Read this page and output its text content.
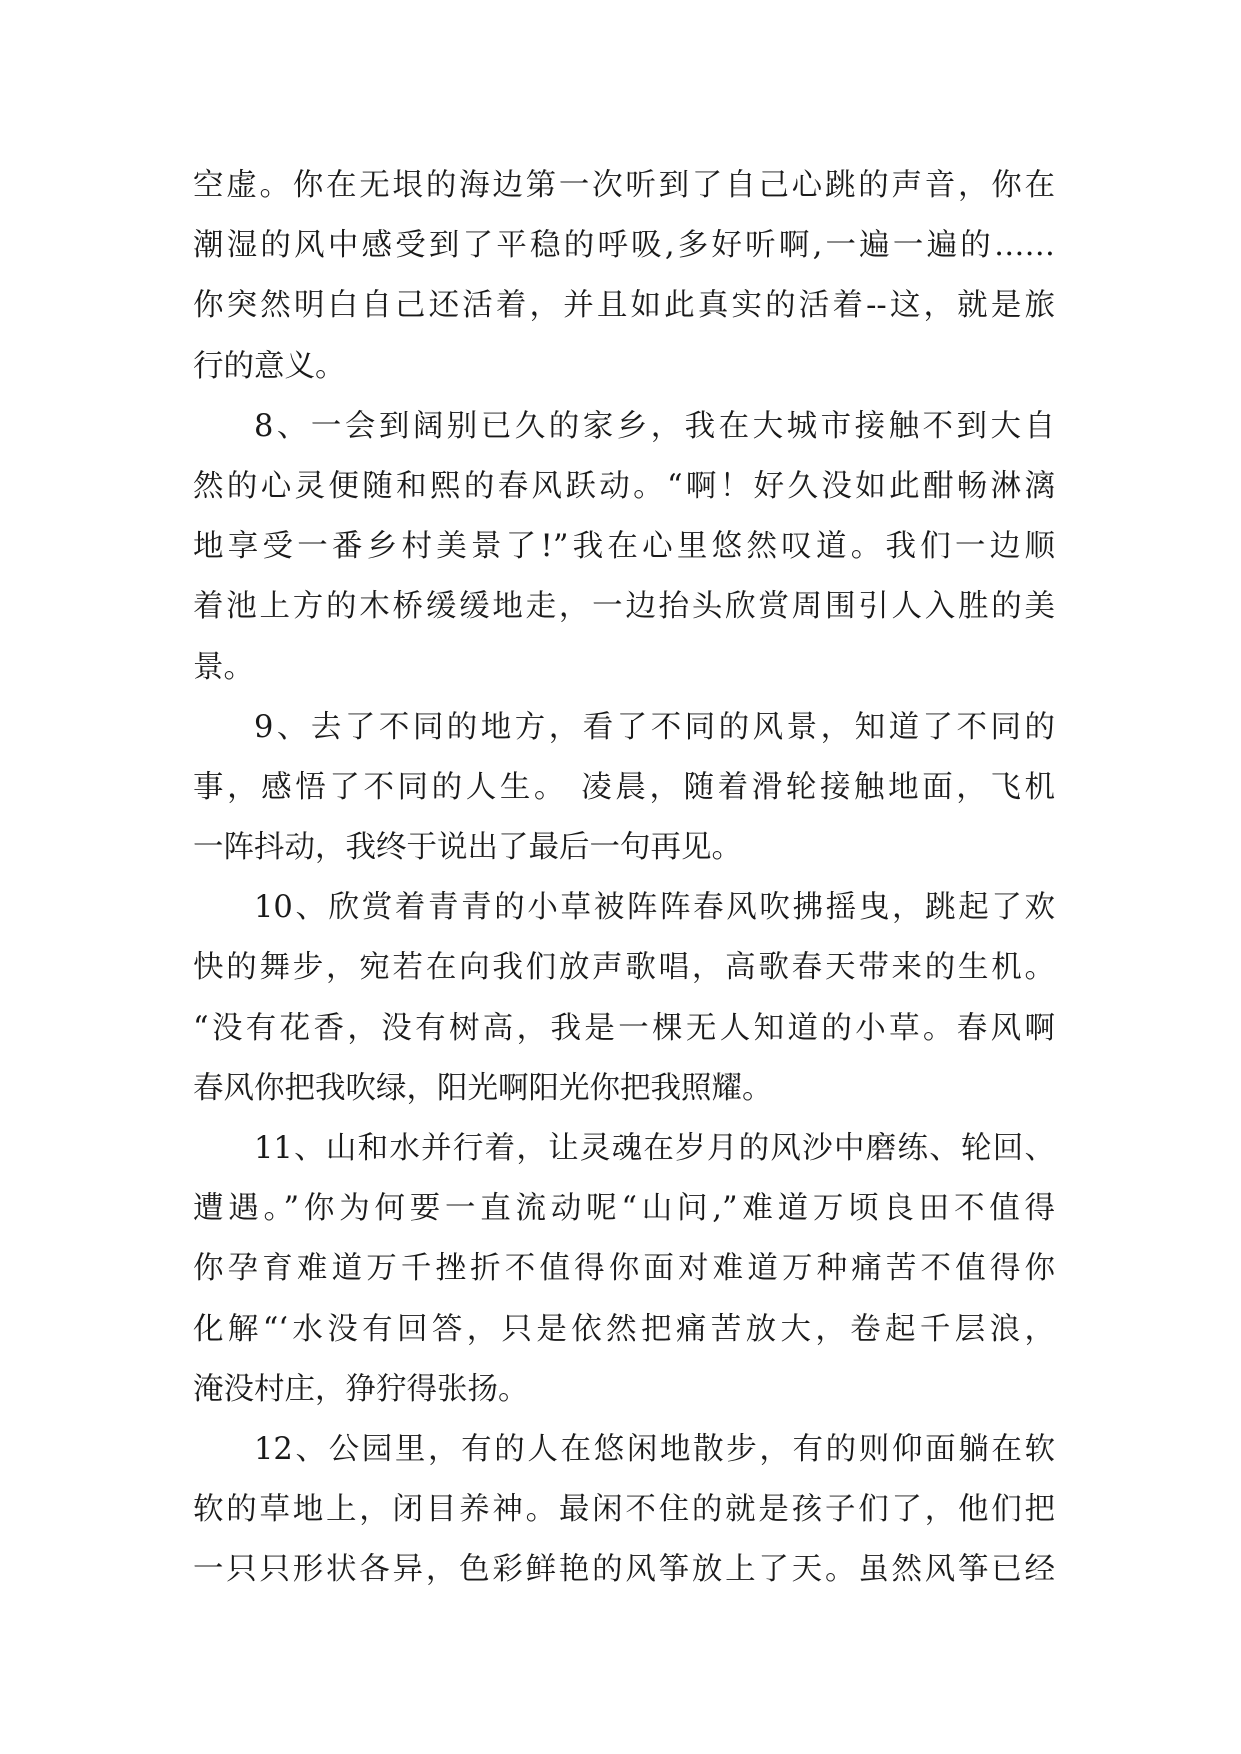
空虚。你在无垠的海边第一次听到了自己心跳的声音，你在
潮湿的风中感受到了平稳的呼吸,多好听啊,一遍一遍的……
你突然明白自己还活着，并且如此真实的活着--这，就是旅
行的意义。
8、一会到阔别已久的家乡，我在大城市接触不到大自
然的心灵便随和熙的春风跃动。“啊！好久没如此酣畅淋漓
地享受一番乡村美景了!”我在心里悠然叹道。我们一边顺
着池上方的木桥缓缓地走，一边抬头欣赏周围引人入胜的美
景。
9、去了不同的地方，看了不同的风景，知道了不同的
事，感悟了不同的人生。 凌晨，随着滑轮接触地面，飞机
一阵抖动，我终于说出了最后一句再见。
10、欣赏着青青的小草被阵阵春风吹拂摇曳，跳起了欢
快的舞步，宛若在向我们放声歌唱，高歌春天带来的生机。
“没有花香，没有树高，我是一棵无人知道的小草。春风啊
春风你把我吹绿，阳光啊阳光你把我照耀。
11、山和水并行着，让灵魂在岁月的风沙中磨练、轮回、
遭遇。”你为何要一直流动呢“山问,”难道万顷良田不值得
你孕育难道万千挫折不值得你面对难道万种痛苦不值得你
化解“‘水没有回答，只是依然把痛苦放大，卷起千层浪，
淹没村庄，狰狞得张扬。
12、公园里，有的人在悠闲地散步，有的则仰面躺在软
软的草地上，闭目养神。最闲不住的就是孩子们了，他们把
一只只形状各异，色彩鲜艳的风筝放上了天。虽然风筝已经
